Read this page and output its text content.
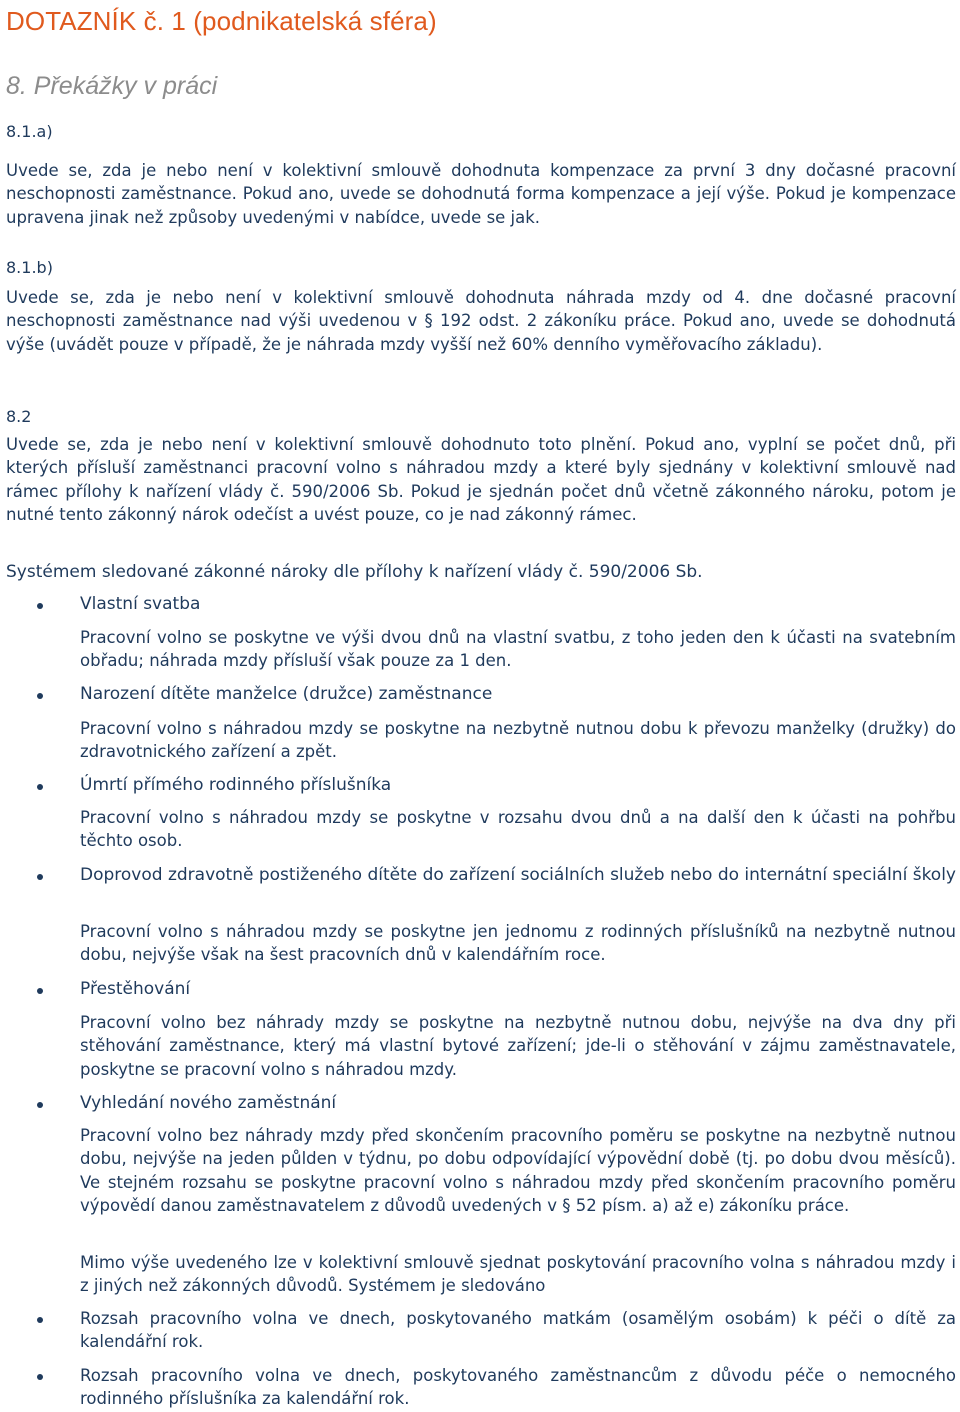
DOTAZNÍK č. 1 (podnikatelská sféra)
8. Překážky v práci
8.1.a)

Uvede se, zda je nebo není v kolektivní smlouvě dohodnuta kompenzace za první 3 dny dočasné pracovní neschopnosti zaměstnance. Pokud ano, uvede se dohodnutá forma kompenzace a její výše. Pokud je kompenzace upravena jinak než způsoby uvedenými v nabídce, uvede se jak.

8.1.b)

Uvede se, zda je nebo není v kolektivní smlouvě dohodnuta náhrada mzdy od 4. dne dočasné pracovní neschopnosti zaměstnance nad výši uvedenou v § 192 odst. 2 zákoníku práce. Pokud ano, uvede se dohodnutá výše (uvádět pouze v případě, že je náhrada mzdy vyšší než 60% denního vyměřovacího základu).

8.2

Uvede se, zda je nebo není v kolektivní smlouvě dohodnuto toto plnění. Pokud ano, vyplní se počet dnů, při kterých přísluší zaměstnanci pracovní volno s náhradou mzdy a které byly sjednány v kolektivní smlouvě nad rámec přílohy k nařízení vlády č. 590/2006 Sb. Pokud je sjednán počet dnů včetně zákonného nároku, potom je nutné tento zákonný nárok odečíst a uvést pouze, co je nad zákonný rámec.

Systémem sledované zákonné nároky dle přílohy k nařízení vlády č. 590/2006 Sb.

Vlastní svatba

Pracovní volno se poskytne ve výši dvou dnů na vlastní svatbu, z toho jeden den k účasti na svatebním obřadu; náhrada mzdy přísluší však pouze za 1 den.

Narození dítěte manželce (družce) zaměstnance

Pracovní volno s náhradou mzdy se poskytne na nezbytně nutnou dobu k převozu manželky (družky) do zdravotnického zařízení a zpět.

Úmrtí přímého rodinného příslušníka

Pracovní volno s náhradou mzdy se poskytne v rozsahu dvou dnů a na další den k účasti na pohřbu těchto osob.

Doprovod zdravotně postiženého dítěte do zařízení sociálních služeb nebo do internátní speciální školy

Pracovní volno s náhradou mzdy se poskytne jen jednomu z rodinných příslušníků na nezbytně nutnou dobu, nejvýše však na šest pracovních dnů v kalendářním roce.

Přestěhování

Pracovní volno bez náhrady mzdy se poskytne na nezbytně nutnou dobu, nejvýše na dva dny při stěhování zaměstnance, který má vlastní bytové zařízení; jde-li o stěhování v zájmu zaměstnavatele, poskytne se pracovní volno s náhradou mzdy.

Vyhledání nového zaměstnání

Pracovní volno bez náhrady mzdy před skončením pracovního poměru se poskytne na nezbytně nutnou dobu, nejvýše na jeden půlden v týdnu, po dobu odpovídající výpovědní době (tj. po dobu dvou měsíců). Ve stejném rozsahu se poskytne pracovní volno s náhradou mzdy před skončením pracovního poměru výpovědí danou zaměstnavatelem z důvodů uvedených v § 52 písm. a) až e) zákoníku práce.

Mimo výše uvedeného lze v kolektivní smlouvě sjednat poskytování pracovního volna s náhradou mzdy i z jiných než zákonných důvodů. Systémem je sledováno

Rozsah pracovního volna ve dnech, poskytovaného matkám (osamělým osobám) k péči o dítě za kalendářní rok.

Rozsah pracovního volna ve dnech, poskytovaného zaměstnancům z důvodu péče o nemocného rodinného příslušníka za kalendářní rok.
